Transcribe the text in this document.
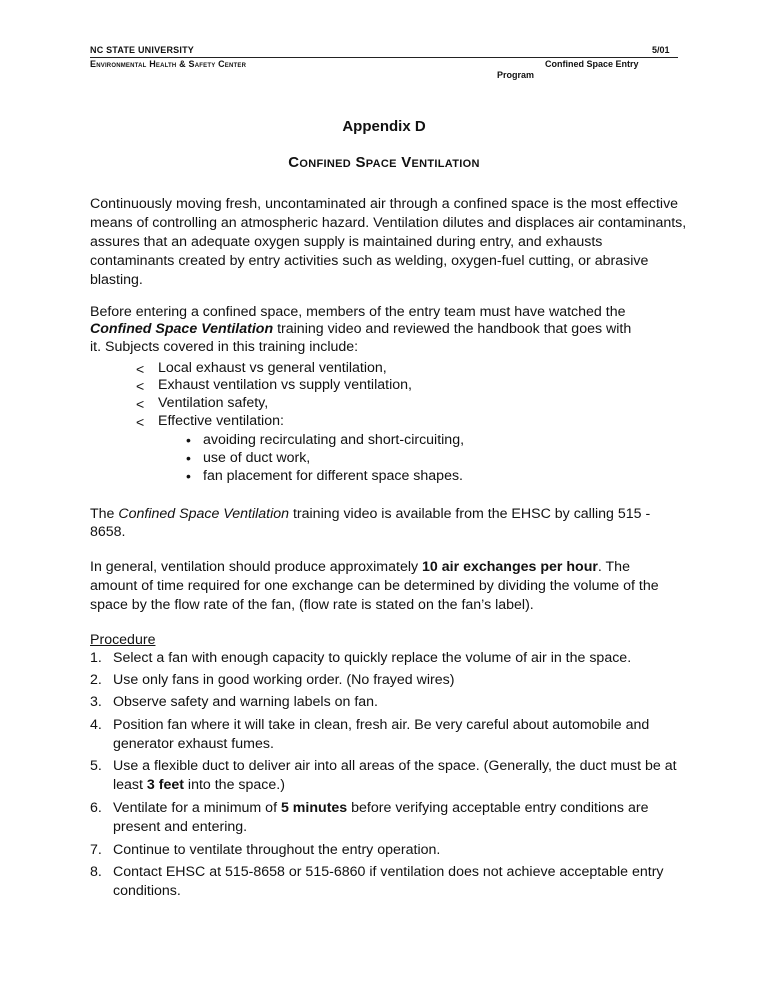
NC STATE UNIVERSITY	5/01
Environmental Health & Safety Center	Confined Space Entry
Program
Appendix D
Confined Space Ventilation
Continuously moving fresh, uncontaminated air through a confined space is the most effective means of controlling an atmospheric hazard. Ventilation dilutes and displaces air contaminants, assures that an adequate oxygen supply is maintained during entry, and exhausts contaminants created by entry activities such as welding, oxygen-fuel cutting, or abrasive blasting.
Before entering a confined space, members of the entry team must have watched the
Confined Space Ventilation training video and reviewed the handbook that goes with
it. Subjects covered in this training include:
< Local exhaust vs general ventilation,
< Exhaust ventilation vs supply ventilation,
< Ventilation safety,
< Effective ventilation:
• avoiding recirculating and short-circuiting,
• use of duct work,
• fan placement for different space shapes.
The Confined Space Ventilation training video is available from the EHSC by calling 515 -
8658.
In general, ventilation should produce approximately 10 air exchanges per hour. The
amount of time required for one exchange can be determined by dividing the volume of the
space by the flow rate of the fan, (flow rate is stated on the fan’s label).
Procedure
1. Select a fan with enough capacity to quickly replace the volume of air in the space.
2. Use only fans in good working order. (No frayed wires)
3. Observe safety and warning labels on fan.
4. Position fan where it will take in clean, fresh air. Be very careful about automobile and generator exhaust fumes.
5. Use a flexible duct to deliver air into all areas of the space. (Generally, the duct must be at least 3 feet into the space.)
6. Ventilate for a minimum of 5 minutes before verifying acceptable entry conditions are present and entering.
7. Continue to ventilate throughout the entry operation.
8. Contact EHSC at 515-8658 or 515-6860 if ventilation does not achieve acceptable entry conditions.
